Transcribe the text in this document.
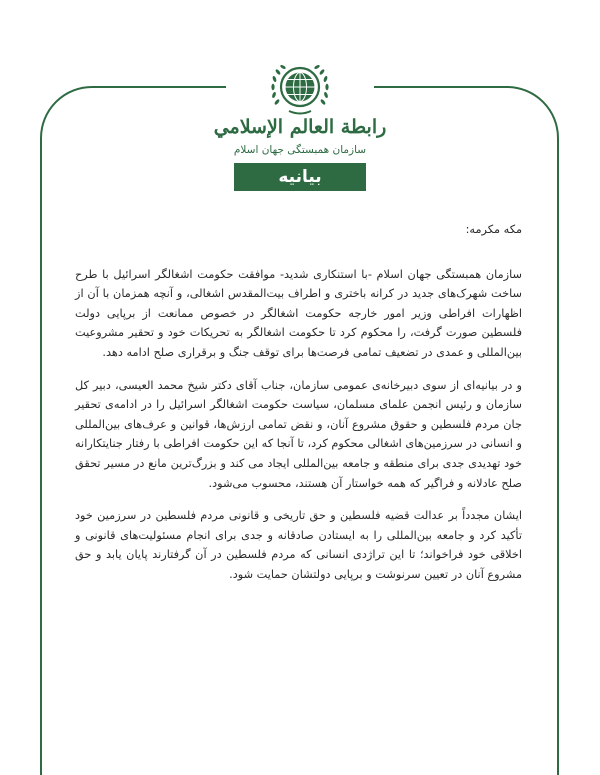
رابطة العالم الإسلامي
سازمان همبستگی جهان اسلام
بیانیه

مکه مکرمه:

سازمان همبستگی جهان اسلام -با استنکاری شدید- موافقت حکومت اشغالگر اسرائیل با طرح ساخت شهرک‌های جدید در کرانه باختری و اطراف بیت‌المقدس اشغالی، و آنچه همزمان با آن از اظهارات افراطی وزیر امور خارجه حکومت اشغالگر در خصوص ممانعت از برپایی دولت فلسطین صورت گرفت، را محکوم کرد تا حکومت اشغالگر به تحریکات خود و تحقیر مشروعیت بین‌المللی و عمدی در تضعیف تمامی فرصت‌ها برای توقف جنگ و برقراری صلح ادامه دهد.

و در بیانیه‌ای از سوی دبیرخانه‌ی عمومی سازمان، جناب آقای دکتر شیخ محمد العیسی، دبیر کل سازمان و رئیس انجمن علمای مسلمان، سیاست حکومت اشغالگر اسرائیل را در ادامه‌ی تحقیر جان مردم فلسطین و حقوق مشروع آنان، و نقض تمامی ارزش‌ها، قوانین و عرف‌های بین‌المللی و انسانی در سرزمین‌های اشغالی محکوم کرد، تا آنجا که این حکومت افراطی با رفتار جنایتکارانه خود تهدیدی جدی برای منطقه و جامعه بین‌المللی ایجاد می کند و بزرگ‌ترین مانع در مسیر تحقق صلح عادلانه و فراگیر که همه خواستار آن هستند، محسوب می‌شود.

ایشان مجدداً بر عدالت قضیه فلسطین و حق تاریخی و قانونی مردم فلسطین در سرزمین خود تأکید کرد و جامعه بین‌المللی را به ایستادن صادقانه و جدی برای انجام مسئولیت‌های قانونی و اخلاقی خود فراخواند؛ تا این تراژدی انسانی که مردم فلسطین در آن گرفتارند پایان یابد و حق مشروع آنان در تعیین سرنوشت و برپایی دولتشان حمایت شود.
